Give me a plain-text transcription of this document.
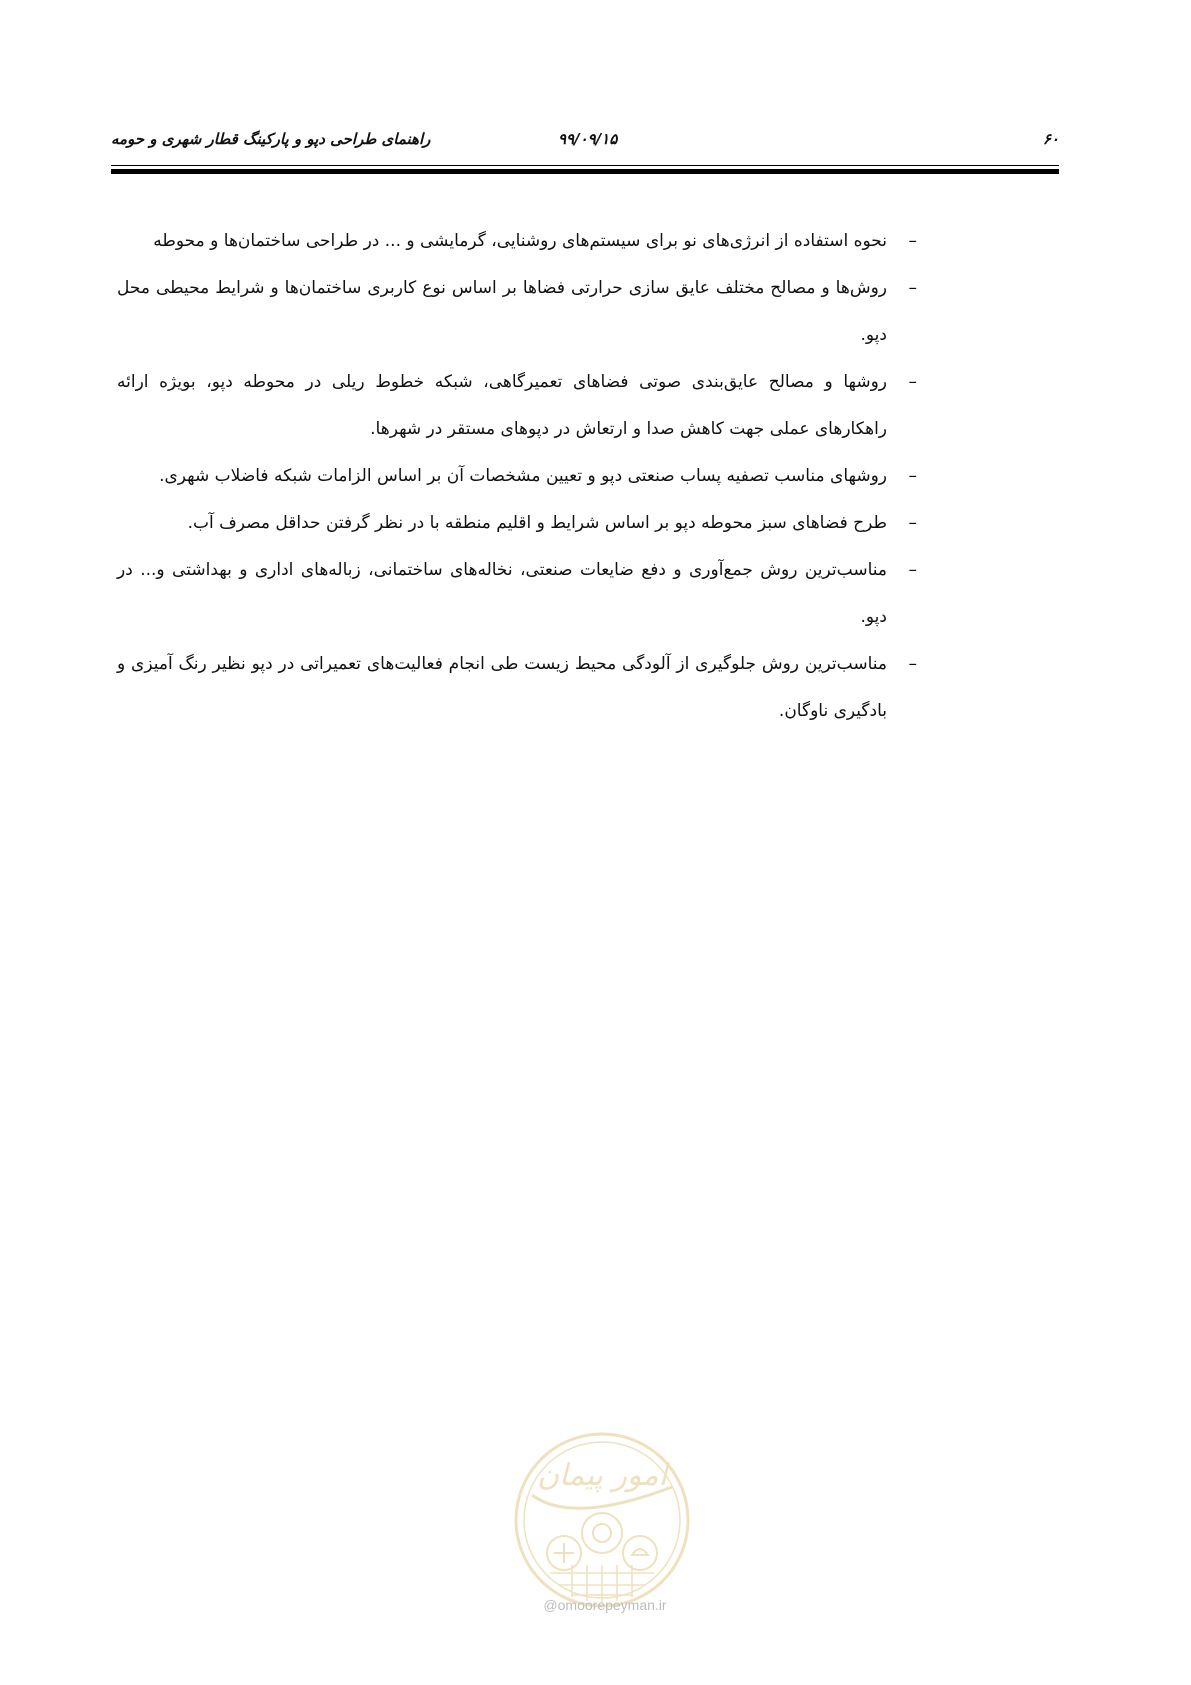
۶۰
۹۹/۰۹/۱۵
راهنمای طراحی دپو و پارکینگ قطار شهری و حومه
–
نحوه استفاده از انرژی‌های نو برای سیستم‌های روشنایی، گرمایشی و ... در طراحی ساختمان‌ها و محوطه
–
روش‌ها و مصالح مختلف عایق سازی حرارتی فضاها بر اساس نوع کاربری ساختمان‌ها و شرایط محیطی محل دپو.
–
روشها و مصالح عایق‌بندی صوتی فضاهای تعمیرگاهی، شبکه خطوط ریلی در محوطه دپو، بویژه ارائه راهکارهای عملی جهت کاهش صدا و ارتعاش در دپوهای مستقر در شهرها.
–
روشهای مناسب تصفیه پساب صنعتی دپو و تعیین مشخصات آن بر اساس الزامات شبکه فاضلاب شهری.
–
طرح فضاهای سبز محوطه دپو بر اساس شرایط و اقلیم منطقه با در نظر گرفتن حداقل مصرف آب.
–
مناسب‌ترین روش جمع‌آوری و دفع ضایعات صنعتی، نخاله‌های ساختمانی، زباله‌های اداری و بهداشتی و... در دپو.
–
مناسب‌ترین روش جلوگیری از آلودگی محیط زیست طی انجام فعالیت‌های تعمیراتی در دپو نظیر رنگ آمیزی و بادگیری ناوگان.
امور پیمان
@omoorepeyman.ir
